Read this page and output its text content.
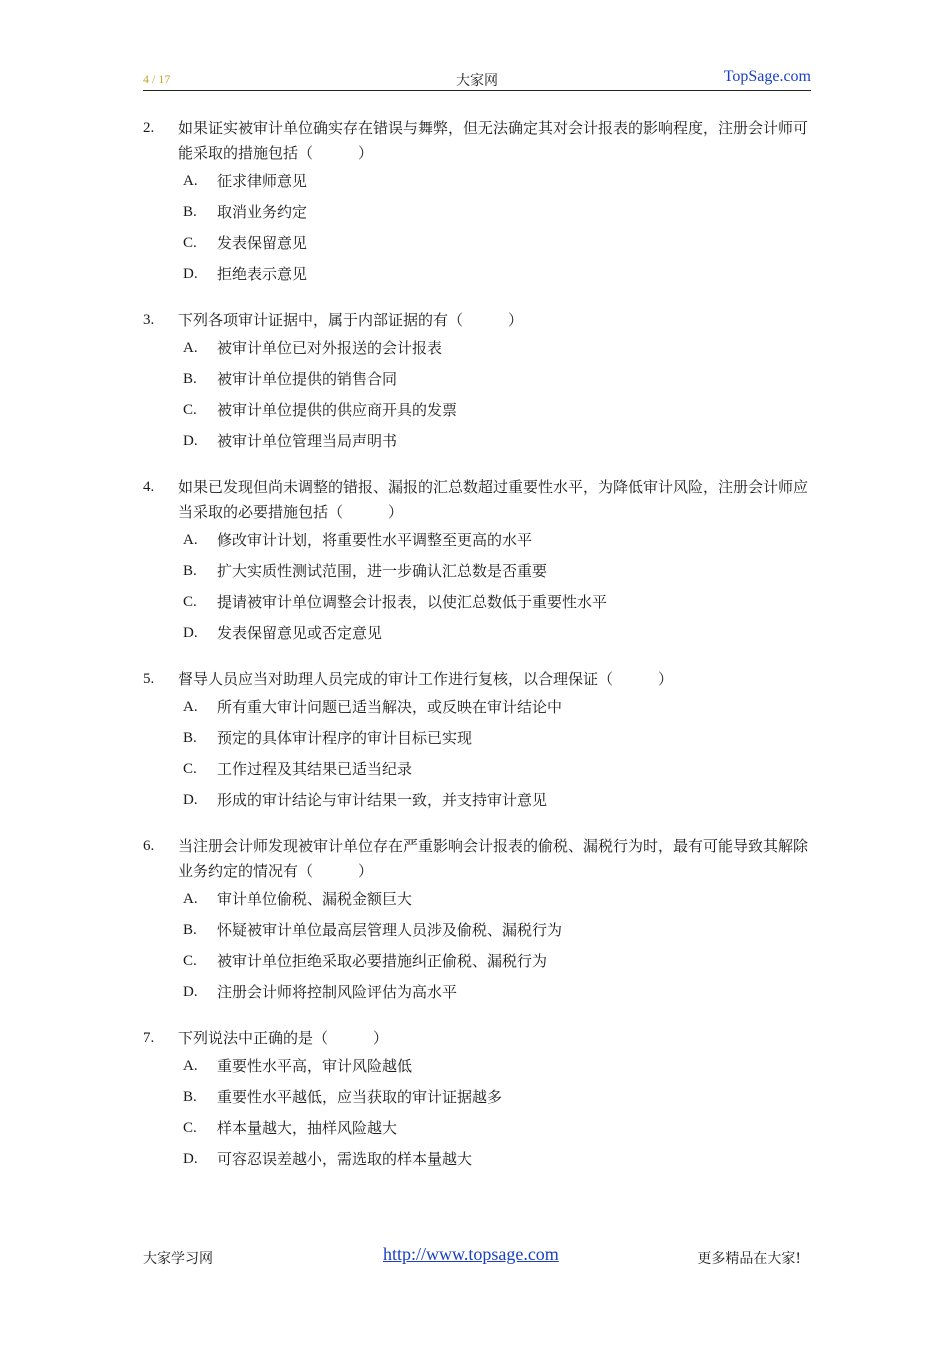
4 / 17	大家网	TopSage.com
2.	如果证实被审计单位确实存在错误与舞弊，但无法确定其对会计报表的影响程度，注册会计师可能采取的措施包括（　　　）
A.	征求律师意见
B.	取消业务约定
C.	发表保留意见
D.	拒绝表示意见
3.	下列各项审计证据中，属于内部证据的有（　　　）
A.	被审计单位已对外报送的会计报表
B.	被审计单位提供的销售合同
C.	被审计单位提供的供应商开具的发票
D.	被审计单位管理当局声明书
4.	如果已发现但尚未调整的错报、漏报的汇总数超过重要性水平，为降低审计风险，注册会计师应当采取的必要措施包括（　　　）
A.	修改审计计划，将重要性水平调整至更高的水平
B.	扩大实质性测试范围，进一步确认汇总数是否重要
C.	提请被审计单位调整会计报表，以使汇总数低于重要性水平
D.	发表保留意见或否定意见
5.	督导人员应当对助理人员完成的审计工作进行复核，以合理保证（　　　）
A.	所有重大审计问题已适当解决，或反映在审计结论中
B.	预定的具体审计程序的审计目标已实现
C.	工作过程及其结果已适当纪录
D.	形成的审计结论与审计结果一致，并支持审计意见
6.	当注册会计师发现被审计单位存在严重影响会计报表的偷税、漏税行为时，最有可能导致其解除业务约定的情况有（　　　）
A.	审计单位偷税、漏税金额巨大
B.	怀疑被审计单位最高层管理人员涉及偷税、漏税行为
C.	被审计单位拒绝采取必要措施纠正偷税、漏税行为
D.	注册会计师将控制风险评估为高水平
7.	下列说法中正确的是（　　　）
A.	重要性水平高，审计风险越低
B.	重要性水平越低，应当获取的审计证据越多
C.	样本量越大，抽样风险越大
D.	可容忍误差越小，需选取的样本量越大
大家学习网	http://www.topsage.com	更多精品在大家!
